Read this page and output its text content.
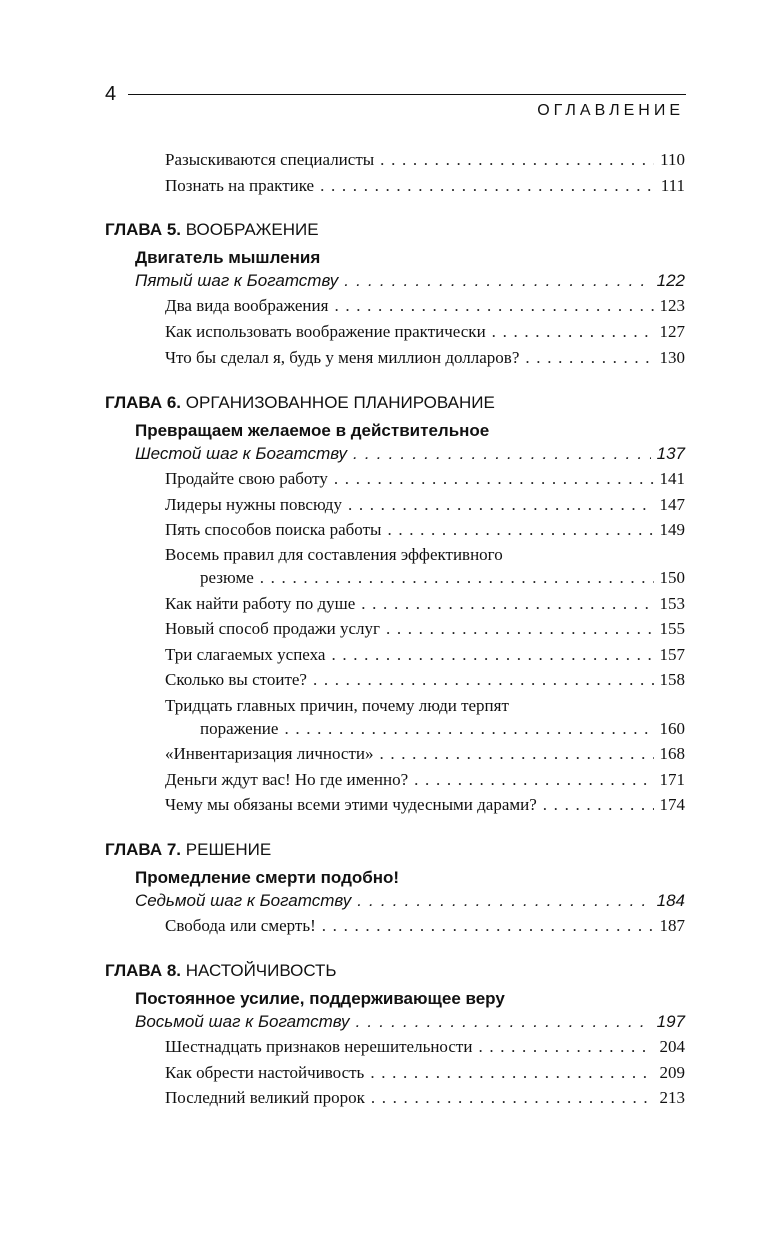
4
ОГЛАВЛЕНИЕ
Разыскиваются специалисты . . .	110
Познать на практике . . .	111
ГЛАВА 5. ВООБРАЖЕНИЕ
Двигатель мышления
Пятый шаг к Богатству . . .	122
Два вида воображения . . .	123
Как использовать воображение практически . . .	127
Что бы сделал я, будь у меня миллион долларов? . . .	130
ГЛАВА 6. ОРГАНИЗОВАННОЕ ПЛАНИРОВАНИЕ
Превращаем желаемое в действительное
Шестой шаг к Богатству . . .	137
Продайте свою работу . . .	141
Лидеры нужны повсюду . . .	147
Пять способов поиска работы . . .	149
Восемь правил для составления эффективного
резюме . . .	150
Как найти работу по душе . . .	153
Новый способ продажи услуг . . .	155
Три слагаемых успеха . . .	157
Сколько вы стоите? . . .	158
Тридцать главных причин, почему люди терпят
поражение . . .	160
«Инвентаризация личности» . . .	168
Деньги ждут вас! Но где именно? . . .	171
Чему мы обязаны всеми этими чудесными дарами? . . .	174
ГЛАВА 7. РЕШЕНИЕ
Промедление смерти подобно!
Седьмой шаг к Богатству . . .	184
Свобода или смерть! . . .	187
ГЛАВА 8. НАСТОЙЧИВОСТЬ
Постоянное усилие, поддерживающее веру
Восьмой шаг к Богатству . . .	197
Шестнадцать признаков нерешительности . . .	204
Как обрести настойчивость . . .	209
Последний великий пророк . . .	213
